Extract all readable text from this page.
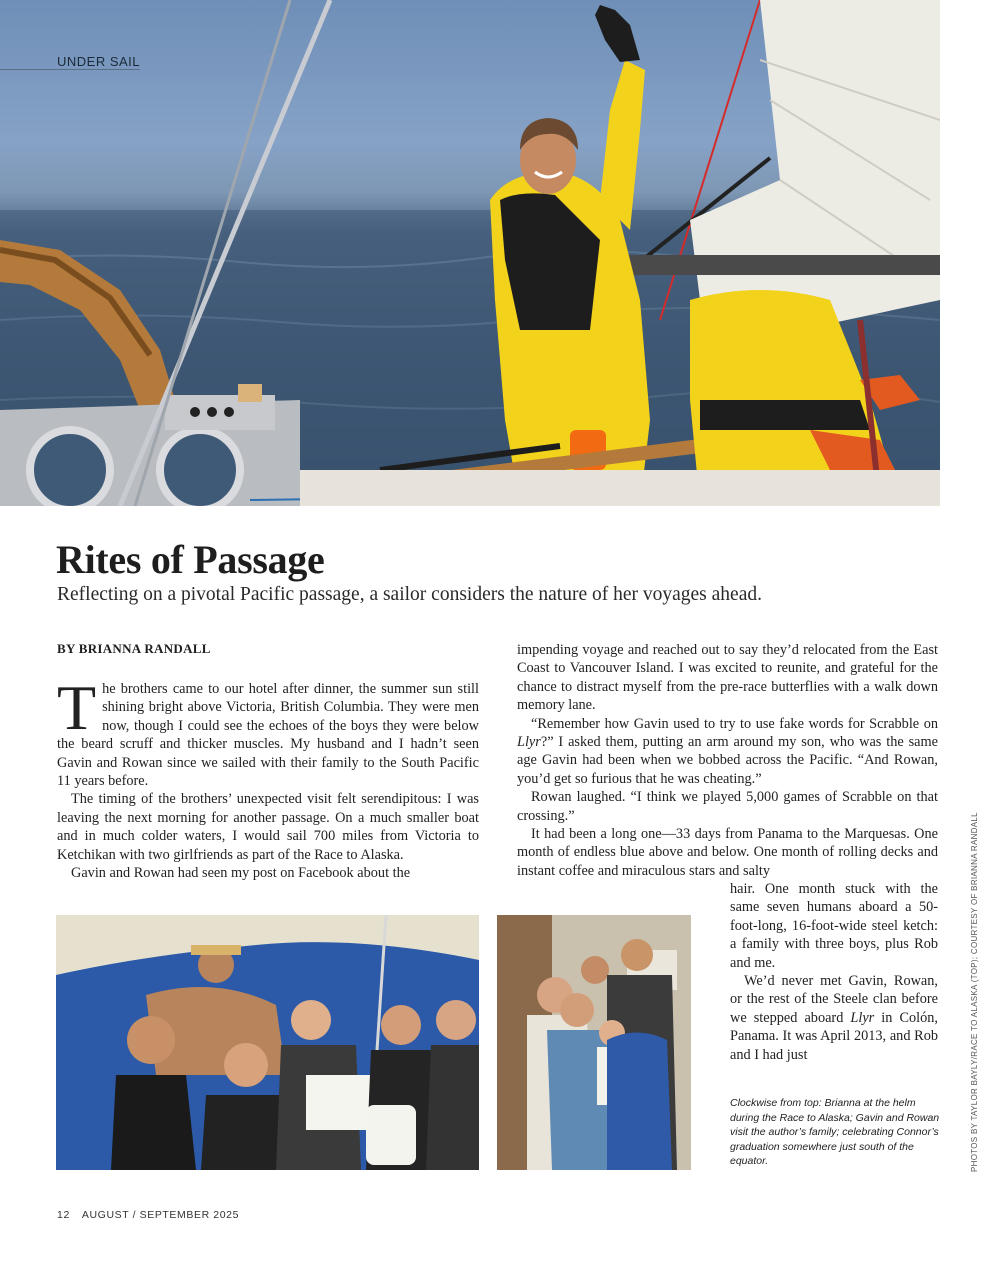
UNDER SAIL
Rites of Passage

Reflecting on a pivotal Pacific passage, a sailor considers the nature of her voyages ahead.

BY BRIANNA RANDALL

The brothers came to our hotel after dinner, the summer sun still shining bright above Victoria, British Columbia. They were men now, though I could see the echoes of the boys they were below the beard scruff and thicker muscles. My husband and I hadn’t seen Gavin and Rowan since we sailed with their family to the South Pacific 11 years before.

The timing of the brothers’ unexpected visit felt serendipitous: I was leaving the next morning for another passage. On a much smaller boat and in much colder waters, I would sail 700 miles from Victoria to Ketchikan with two girlfriends as part of the Race to Alaska.

Gavin and Rowan had seen my post on Facebook about the

impending voyage and reached out to say they’d relocated from the East Coast to Vancouver Island. I was excited to reunite, and grateful for the chance to distract myself from the pre-race butterflies with a walk down memory lane.

“Remember how Gavin used to try to use fake words for Scrabble on Llyr?” I asked them, putting an arm around my son, who was the same age Gavin had been when we bobbed across the Pacific. “And Rowan, you’d get so furious that he was cheating.”

Rowan laughed. “I think we played 5,000 games of Scrabble on that crossing.”

It had been a long one—33 days from Panama to the Marquesas. One month of endless blue above and below. One month of rolling decks and instant coffee and miraculous stars and salty

hair. One month stuck with the same seven humans aboard a 50-foot-long, 16-foot-wide steel ketch: a family with three boys, plus Rob and me.

We’d never met Gavin, Rowan, or the rest of the Steele clan before we stepped aboard Llyr in Colón, Panama. It was April 2013, and Rob and I had just

Clockwise from top: Brianna at the helm during the Race to Alaska; Gavin and Rowan visit the author’s family; celebrating Connor’s graduation somewhere just south of the equator.	PHOTOS BY TAYLOR BAYLY/RACE TO ALASKA (TOP); COURTESY OF BRIANNA RANDALL
12 AUGUST / SEPTEMBER 2025
